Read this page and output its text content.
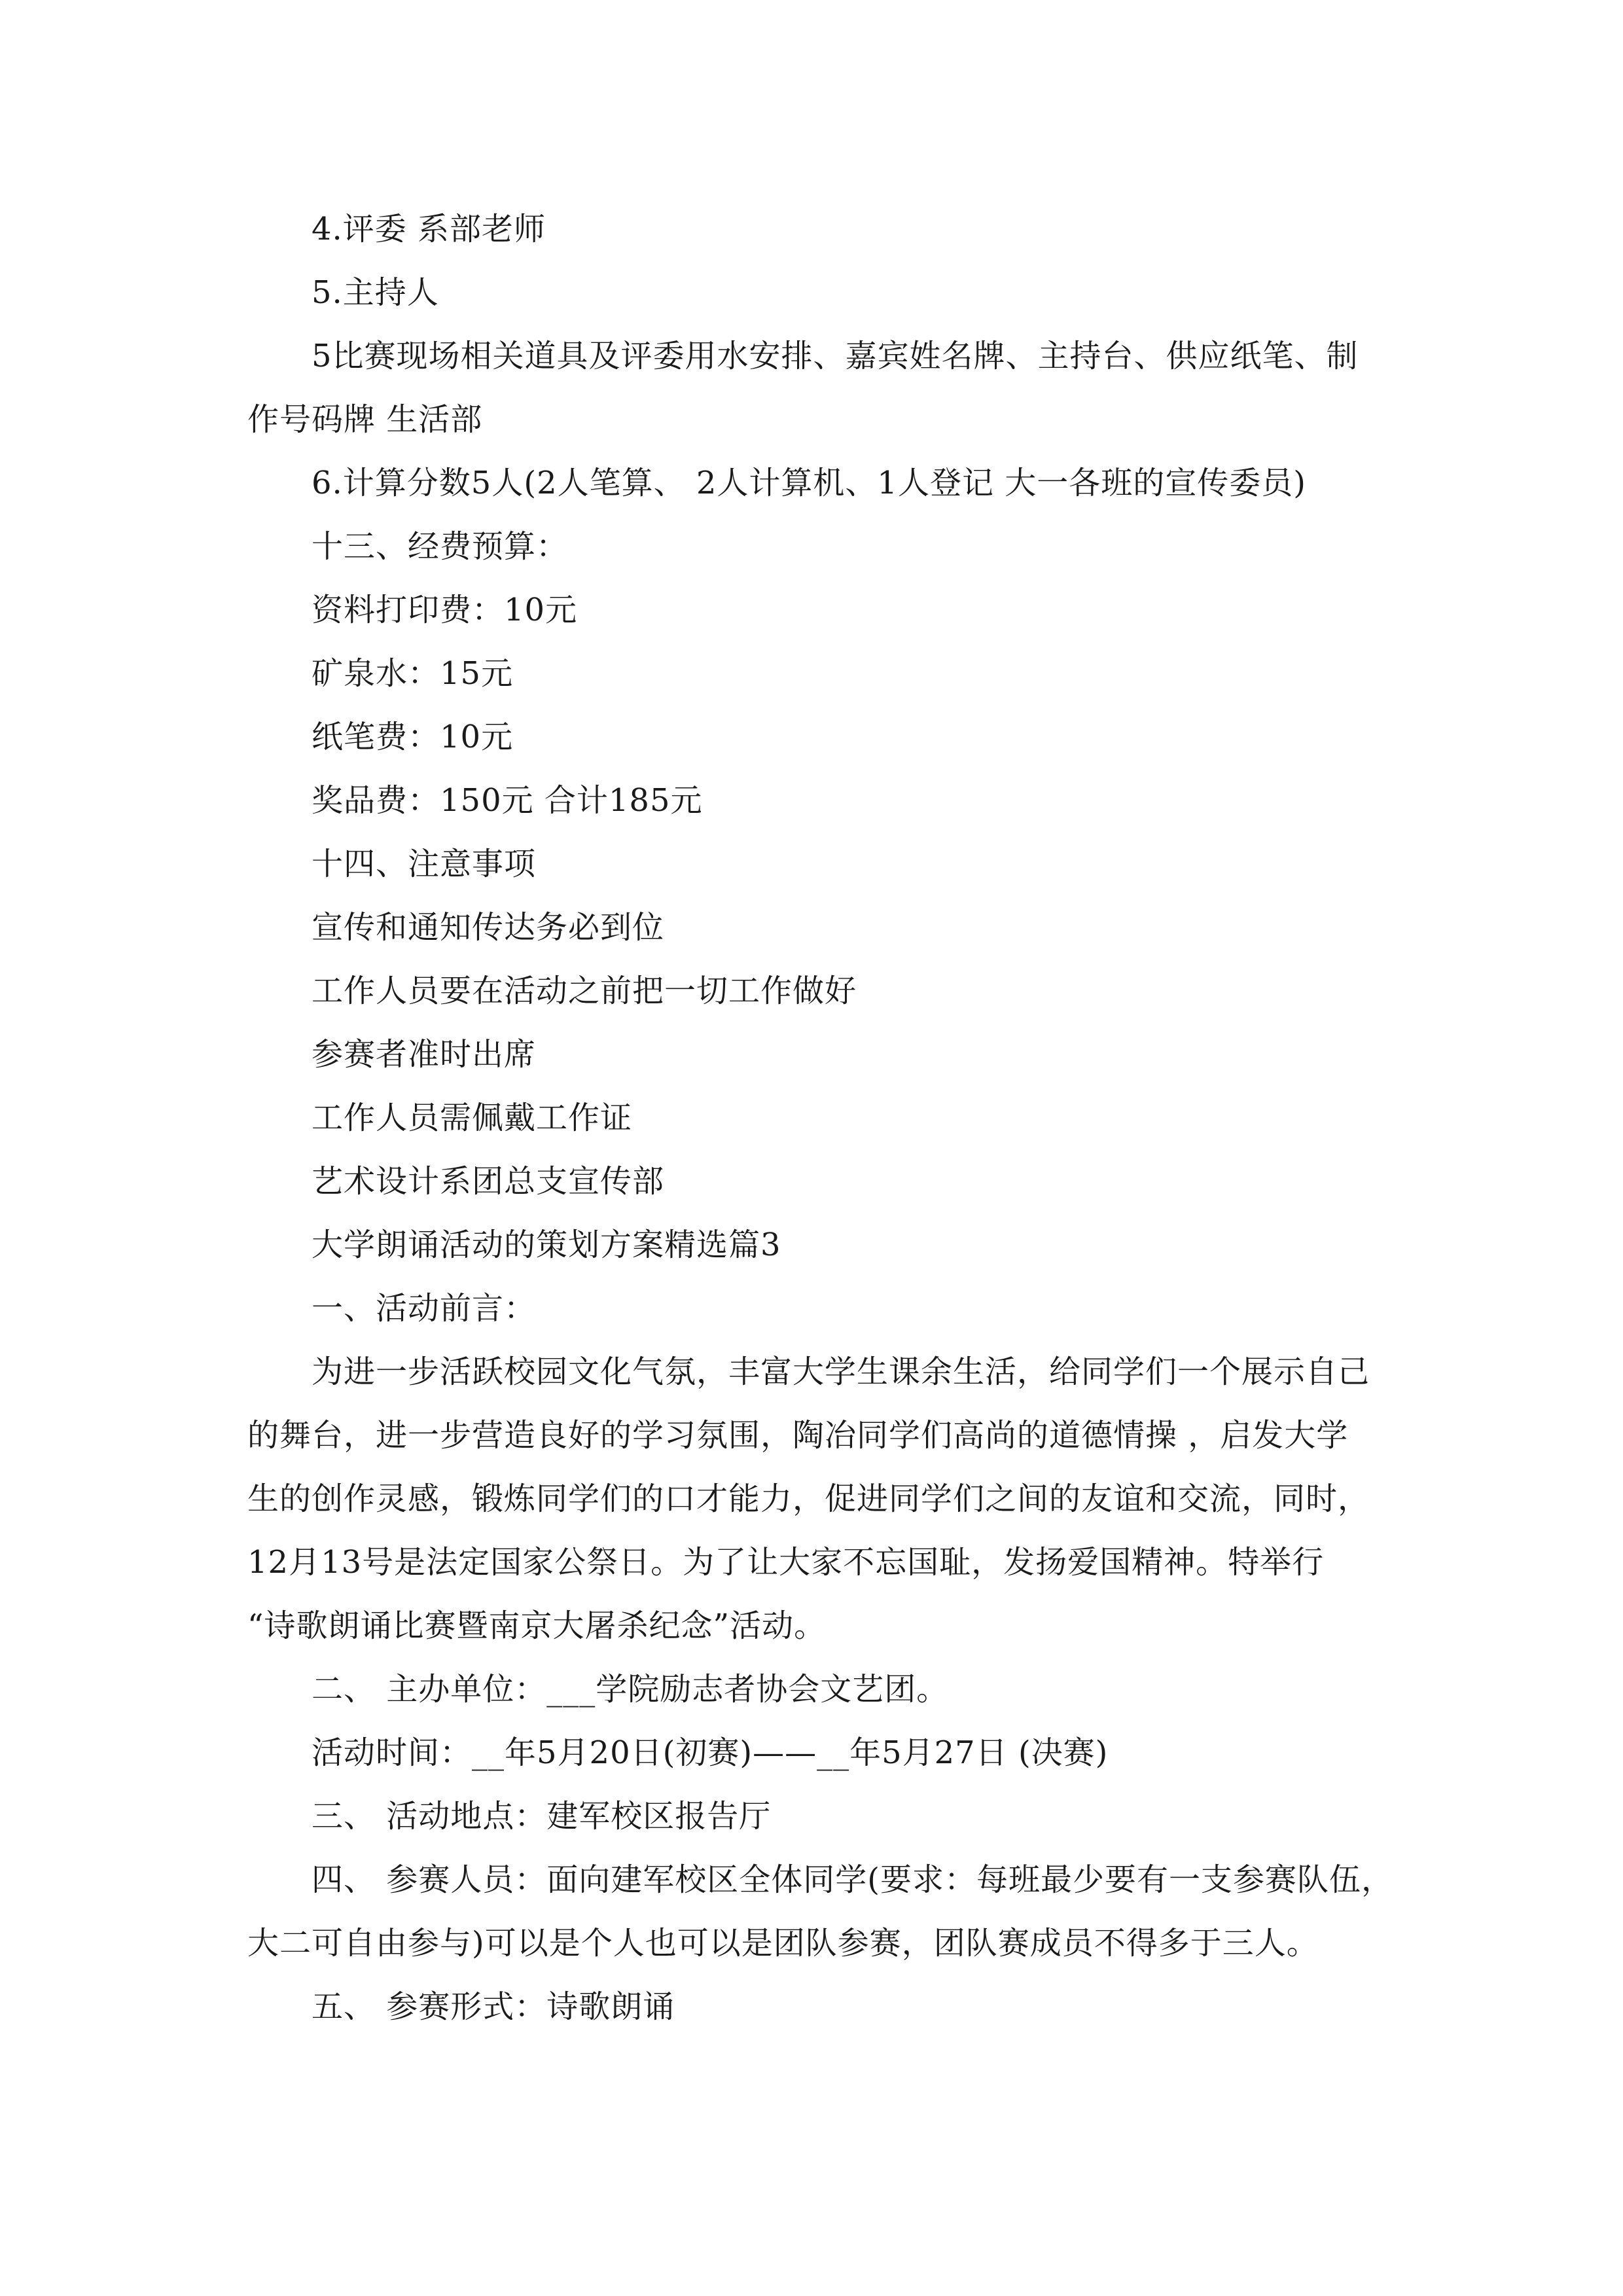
4.评委 系部老师
5.主持人
5比赛现场相关道具及评委用水安排、嘉宾姓名牌、主持台、供应纸笔、制
作号码牌 生活部
6.计算分数5人(2人笔算、 2人计算机、1人登记 大一各班的宣传委员)
十三、经费预算：
资料打印费：10元
矿泉水：15元
纸笔费：10元
奖品费：150元 合计185元
十四、注意事项
宣传和通知传达务必到位
工作人员要在活动之前把一切工作做好
参赛者准时出席
工作人员需佩戴工作证
艺术设计系团总支宣传部
大学朗诵活动的策划方案精选篇3
一、活动前言：
为进一步活跃校园文化气氛，丰富大学生课余生活，给同学们一个展示自己
的舞台，进一步营造良好的学习氛围，陶冶同学们高尚的道德情操 ，启发大学
生的创作灵感，锻炼同学们的口才能力，促进同学们之间的友谊和交流，同时，
12月13号是法定国家公祭日。为了让大家不忘国耻，发扬爱国精神。特举行
“诗歌朗诵比赛暨南京大屠杀纪念”活动。
二、 主办单位：___学院励志者协会文艺团。
活动时间：__年5月20日(初赛)——__年5月27日 (决赛)
三、 活动地点：建军校区报告厅
四、 参赛人员：面向建军校区全体同学(要求：每班最少要有一支参赛队伍，
大二可自由参与)可以是个人也可以是团队参赛，团队赛成员不得多于三人。
五、 参赛形式：诗歌朗诵
